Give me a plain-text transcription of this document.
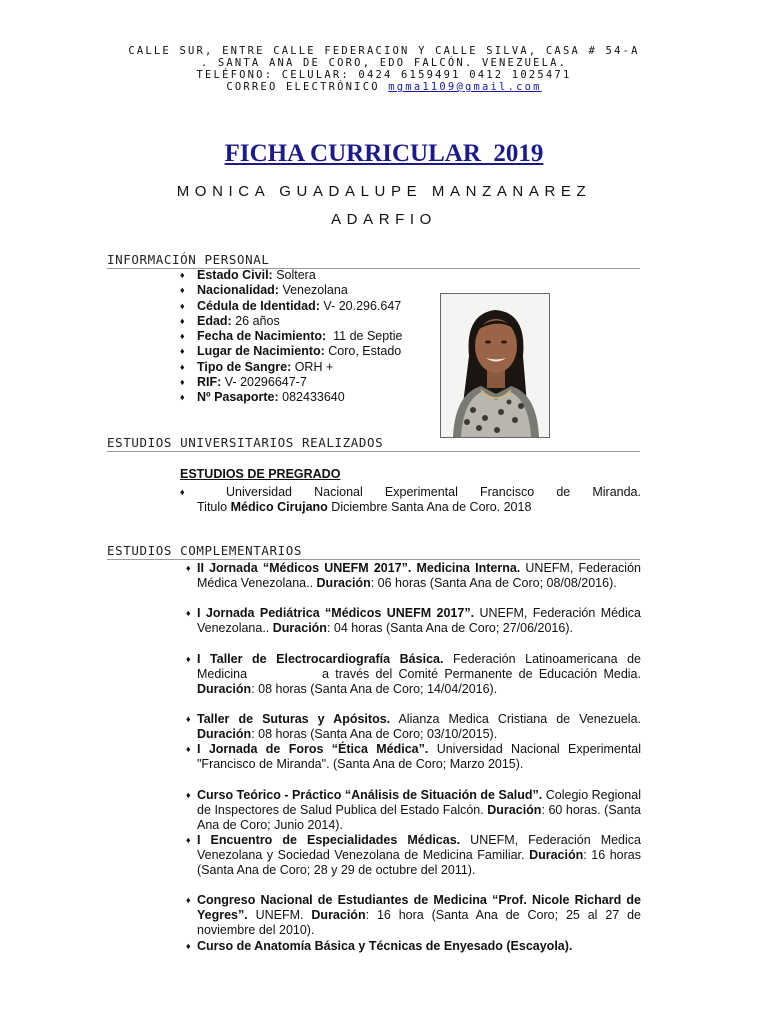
CALLE SUR, ENTRE CALLE FEDERACION Y CALLE SILVA, CASA # 54-A
. SANTA ANA DE CORO, EDO FALCÓN. VENEZUELA.
TELÉFONO: CELULAR: 0424 6159491 0412 1025471
CORREO ELECTRÓNICO mgma1109@gmail.com
FICHA CURRICULAR  2019
MONICA GUADALUPE MANZANAREZ
ADARFIO
INFORMACIÓN PERSONAL
♦ Estado Civil: Soltera
♦ Nacionalidad: Venezolana
♦ Cédula de Identidad: V- 20.296.647
♦ Edad: 26 años
♦ Fecha de Nacimiento:  11 de Septie
♦ Lugar de Nacimiento: Coro, Estado
♦ Tipo de Sangre: ORH +
♦ RIF: V- 20296647-7
♦ Nº Pasaporte: 082433640
ESTUDIOS UNIVERSITARIOS REALIZADOS
ESTUDIOS DE PREGRADO
♦	Universidad Nacional Experimental Francisco de Miranda.
Titulo Médico Cirujano Diciembre Santa Ana de Coro. 2018
ESTUDIOS COMPLEMENTARIOS
♦ II Jornada “Médicos UNEFM 2017”. Medicina Interna. UNEFM, Federación Médica Venezolana.. Duración: 06 horas (Santa Ana de Coro; 08/08/2016).
♦ I Jornada Pediátrica “Médicos UNEFM 2017”. UNEFM, Federación Médica Venezolana.. Duración: 04 horas (Santa Ana de Coro; 27/06/2016).
♦ I Taller de Electrocardiografía Básica. Federación Latinoamericana de Medicina            a través del Comité Permanente de Educación Media. Duración: 08 horas (Santa Ana de Coro; 14/04/2016).
♦ Taller de Suturas y Apósitos. Alianza Medica Cristiana de Venezuela. Duración: 08 horas (Santa Ana de Coro; 03/10/2015).
♦ I Jornada de Foros “Ética Médica”. Universidad Nacional Experimental "Francisco de Miranda". (Santa Ana de Coro; Marzo 2015).
♦ Curso Teórico - Práctico “Análisis de Situación de Salud”. Colegio Regional de Inspectores de Salud Publica del Estado Falcón. Duración: 60 horas. (Santa Ana de Coro; Junio 2014).
♦ I Encuentro de Especialidades Médicas. UNEFM, Federación Medica Venezolana y Sociedad Venezolana de Medicina Familiar. Duración: 16 horas (Santa Ana de Coro; 28 y 29 de octubre del 2011).
♦ Congreso Nacional de Estudiantes de Medicina “Prof. Nicole Richard de Yegres”. UNEFM. Duración: 16 hora (Santa Ana de Coro; 25 al 27 de noviembre del 2010).
♦ Curso de Anatomía Básica y Técnicas de Enyesado (Escayola).
